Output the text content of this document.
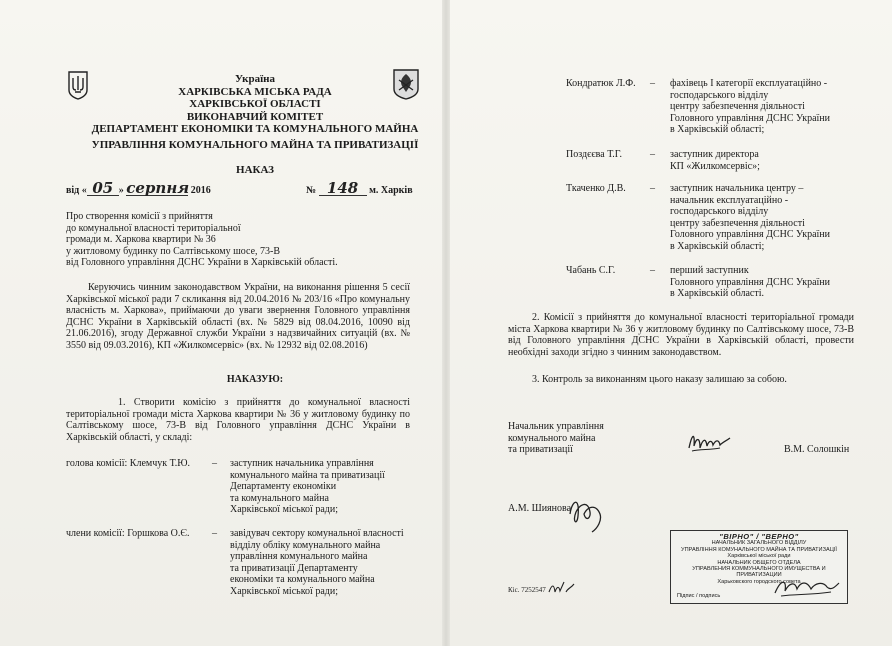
Україна
ХАРКІВСЬКА МІСЬКА РАДА
ХАРКІВСЬКОЇ ОБЛАСТІ
ВИКОНАВЧИЙ КОМІТЕТ
ДЕПАРТАМЕНТ ЕКОНОМІКИ ТА КОМУНАЛЬНОГО МАЙНА
УПРАВЛІННЯ КОМУНАЛЬНОГО МАЙНА ТА ПРИВАТИЗАЦІЇ
НАКАЗ
від « 05 » серпня 2016	№ 148 м. Харків
Про створення комісії з прийняття
до комунальної власності територіальної
громади м. Харкова квартири № 36
у житловому будинку по Салтівському шосе, 73-В
від Головного управління ДСНС України в Харківській області.
Керуючись чинним законодавством України, на виконання рішення 5 сесії Харківської міської ради 7 скликання від 20.04.2016 № 203/16 «Про комунальну власність м. Харкова», приймаючи до уваги звернення Головного управління ДСНС України в Харківській області (вх. № 5829 від 08.04.2016, 10090 від 21.06.2016), згоду Державної служби України з надзвичайних ситуацій (вх. № 3550 від 09.03.2016), КП «Жилкомсервіс» (вх. № 12932 від 02.08.2016)
НАКАЗУЮ:
1. Створити комісію з прийняття до комунальної власності територіальної громади міста Харкова квартири № 36 у житловому будинку по Салтівському шосе, 73-В від Головного управління ДСНС України в Харківській області, у складі:
голова комісії: Клемчук Т.Ю. – заступник начальника управління
комунального майна та приватизації
Департаменту економіки
та комунального майна
Харківської міської ради;
члени комісії: Горшкова О.Є. – завідувач сектору комунальної власності
відділу обліку комунального майна
управління комунального майна
та приватизації Департаменту
економіки та комунального майна
Харківської міської ради;
Кондратюк Л.Ф. – фахівець І категорії експлуатаційно -
господарського відділу
центру забезпечення діяльності
Головного управління ДСНС України
в Харківській області;
Поздєєва Т.Г.	– заступник директора
КП «Жилкомсервіс»;
Ткаченко Д.В. – заступник начальника центру –
начальник експлуатаційно -
господарського відділу
центру забезпечення діяльності
Головного управління ДСНС України
в Харківській області;
Чабань С.Г.	– перший заступник
Головного управління ДСНС України
в Харківській області.
2. Комісії з прийняття до комунальної власності територіальної громади міста Харкова квартири № 36 у житловому будинку по Салтівському шосе, 73-В від Головного управління ДСНС України в Харківській області, провести необхідні заходи згідно з чинним законодавством.
3. Контроль за виконанням цього наказу залишаю за собою.
Начальник управління
комунального майна
та приватизації	В.М. Солошкін
А.М. Шиянова
Кіс. 7252547
"ВІРНО" / "ВЕРНО"
НАЧАЛЬНИК ЗАГАЛЬНОГО ВІДДІЛУ
УПРАВЛІННЯ КОМУНАЛЬНОГО МАЙНА ТА ПРИВАТИЗАЦІЇ
Харківської міської ради
НАЧАЛЬНИК ОБЩЕГО ОТДЕЛА
УПРАВЛЕНИЯ КОММУНАЛЬНОГО ИМУЩЕСТВА И ПРИВАТИЗАЦИИ
Харьковского городского совета
Підпис / подпись
